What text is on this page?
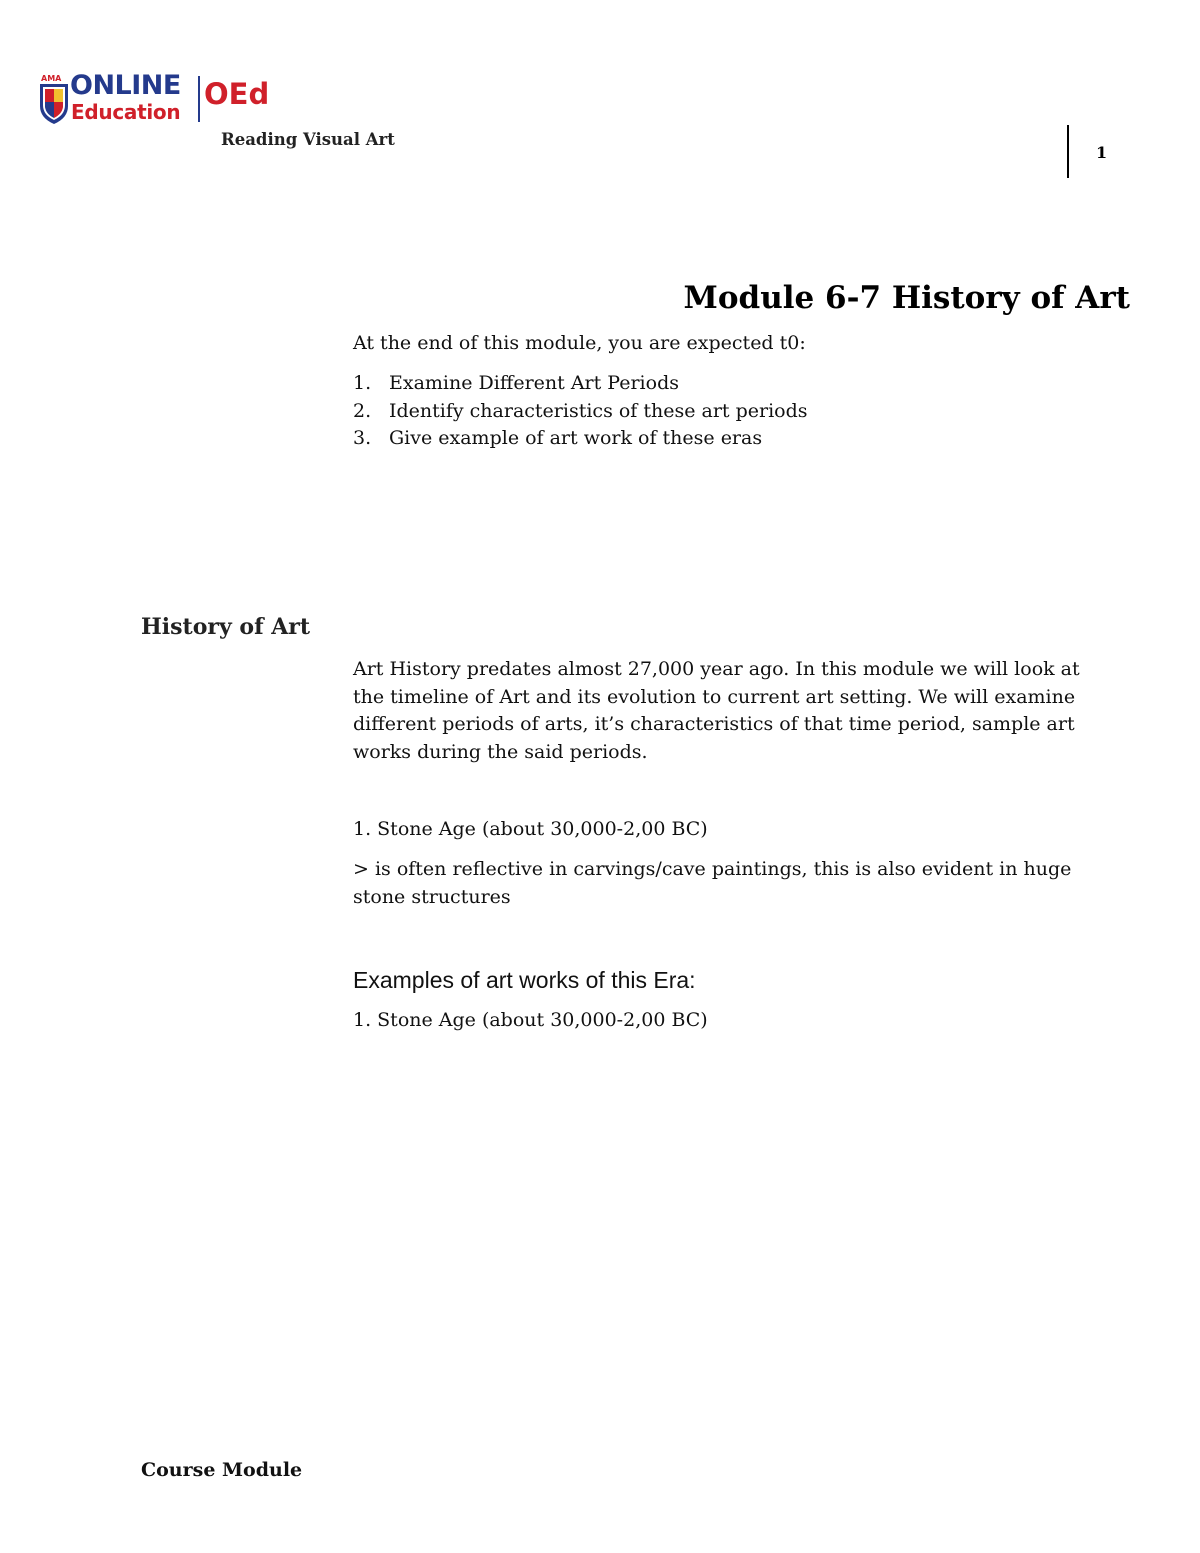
AMA ONLINE
Education
OEd
Reading Visual Art
1
Module 6-7 History of Art
At the end of this module, you are expected t0:
1. Examine Different Art Periods
2. Identify characteristics of these art periods
3. Give example of art work of these eras
History of Art
Art History predates almost 27,000 year ago. In this module we will look at the timeline of Art and its evolution to current art setting. We will examine different periods of arts, it’s characteristics of that time period, sample art works during the said periods.
1. Stone Age (about 30,000-2,00 BC)
> is often reflective in carvings/cave paintings, this is also evident in huge stone structures
Examples of art works of this Era:
1. Stone Age (about 30,000-2,00 BC)
Course Module
